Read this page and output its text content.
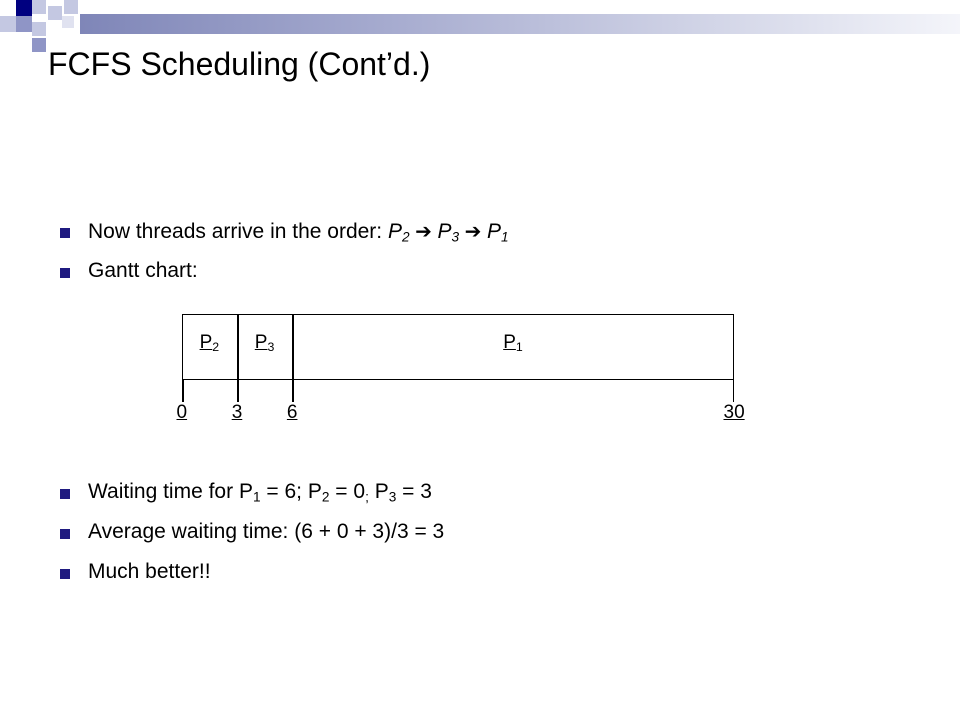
FCFS Scheduling (Cont’d.)
Now threads arrive in the order: $P_2$ ➔ $P_3$ ➔ $P_1$
Gantt chart:
Waiting time for $P_1 = 6$; $P_2 = 0_;$ $P_3 = 3$
Average waiting time: (6 + 0 + 3)/3 = 3
Much better!!
$P_2$ $P_3$	$P_1$
0 3 6	30
